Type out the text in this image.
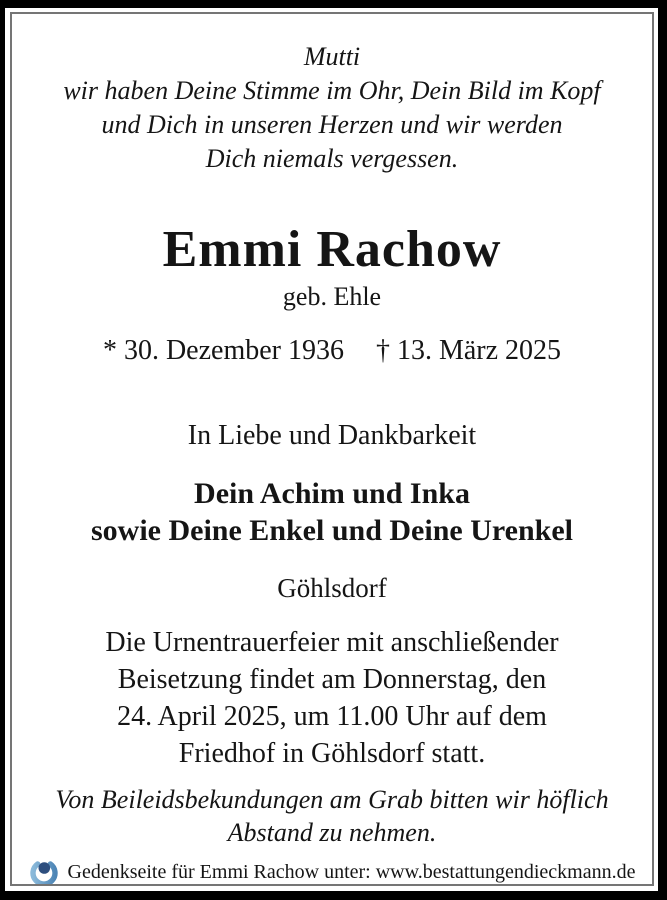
Mutti
wir haben Deine Stimme im Ohr, Dein Bild im Kopf
und Dich in unseren Herzen und wir werden
Dich niemals vergessen.
Emmi Rachow
geb. Ehle
* 30. Dezember 1936 † 13. März 2025
In Liebe und Dankbarkeit
Dein Achim und Inka
sowie Deine Enkel und Deine Urenkel
Göhlsdorf
Die Urnentrauerfeier mit anschließender
Beisetzung findet am Donnerstag, den
24. April 2025, um 11.00 Uhr auf dem
Friedhof in Göhlsdorf statt.
Von Beileidsbekundungen am Grab bitten wir höflich
Abstand zu nehmen.
Gedenkseite für Emmi Rachow unter: www.bestattungendieckmann.de
